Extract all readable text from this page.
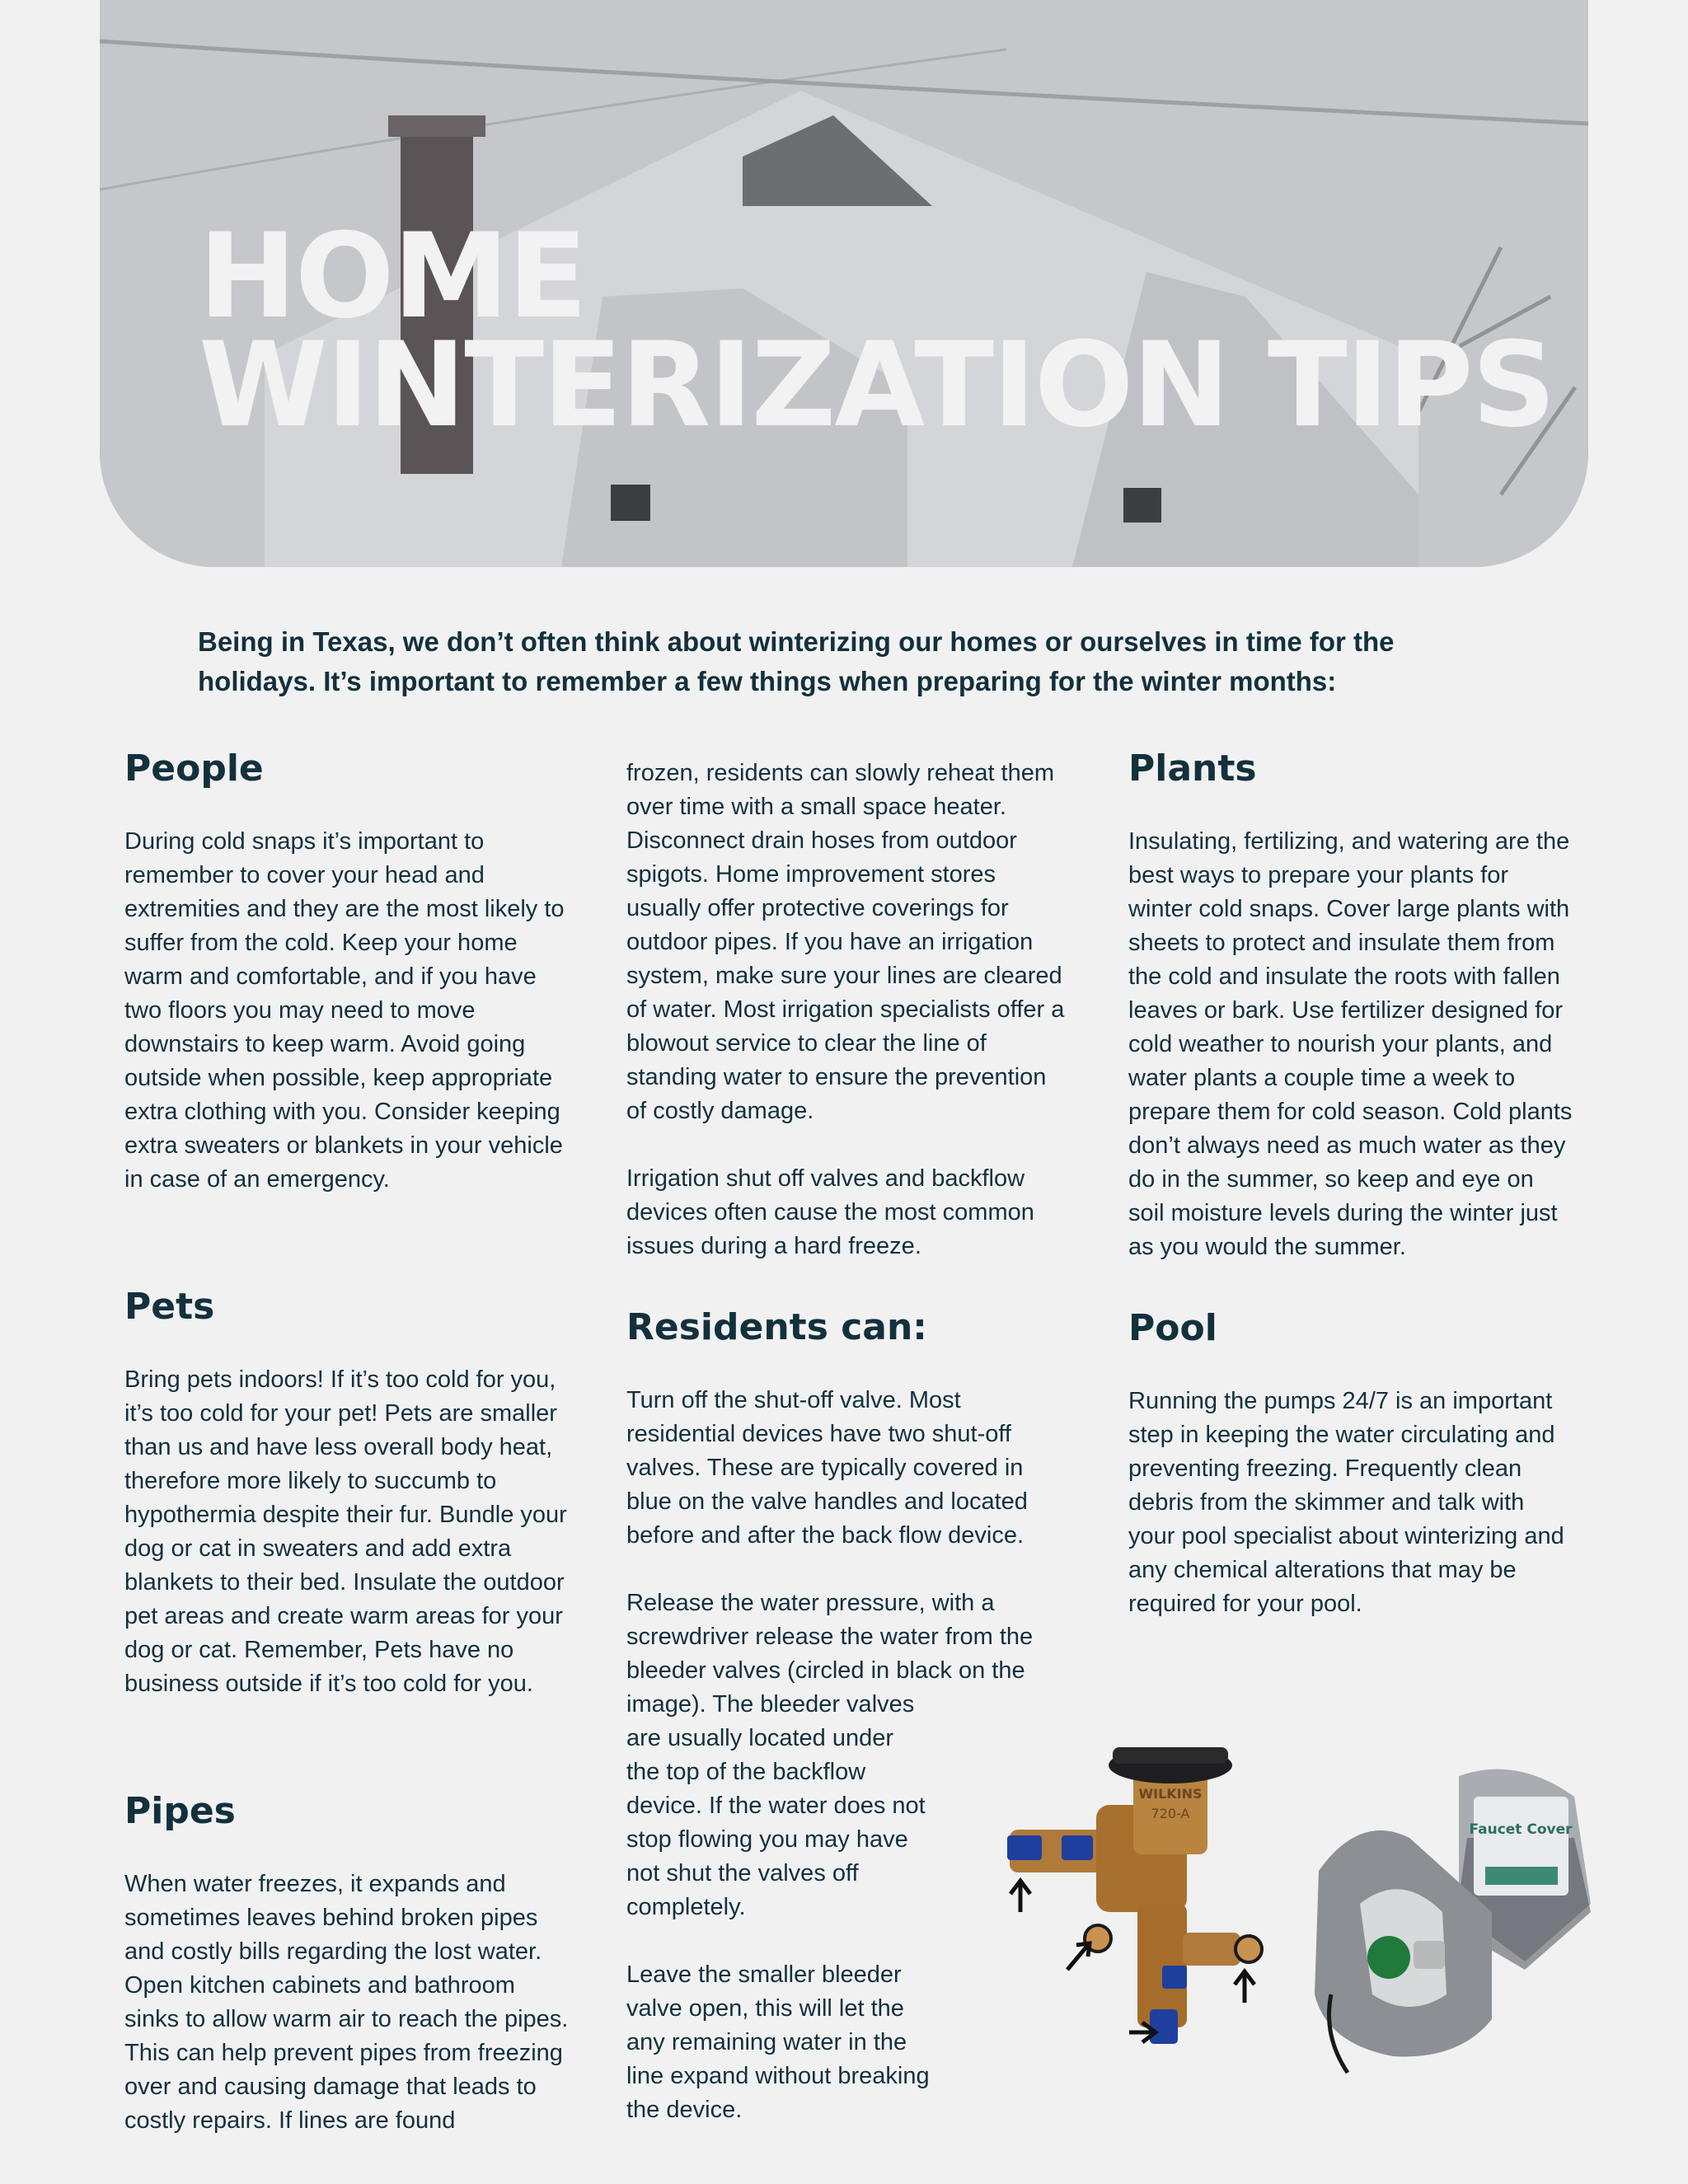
HOME
WINTERIZATION TIPS

Being in Texas, we don’t often think about winterizing our homes or ourselves in time for the holidays. It’s important to remember a few things when preparing for the winter months:

People

During cold snaps it’s important to remember to cover your head and extremities and they are the most likely to suffer from the cold. Keep your home warm and comfortable, and if you have two floors you may need to move downstairs to keep warm. Avoid going outside when possible, keep appropriate extra clothing with you. Consider keeping extra sweaters or blankets in your vehicle in case of an emergency.

Pets

Bring pets indoors! If it’s too cold for you, it’s too cold for your pet! Pets are smaller than us and have less overall body heat, therefore more likely to succumb to hypothermia despite their fur. Bundle your dog or cat in sweaters and add extra blankets to their bed. Insulate the outdoor pet areas and create warm areas for your dog or cat. Remember, Pets have no business outside if it’s too cold for you.

Pipes

When water freezes, it expands and sometimes leaves behind broken pipes and costly bills regarding the lost water. Open kitchen cabinets and bathroom sinks to allow warm air to reach the pipes. This can help prevent pipes from freezing over and causing damage that leads to costly repairs. If lines are found

frozen, residents can slowly reheat them over time with a small space heater. Disconnect drain hoses from outdoor spigots. Home improvement stores usually offer protective coverings for outdoor pipes. If you have an irrigation system, make sure your lines are cleared of water. Most irrigation specialists offer a blowout service to clear the line of standing water to ensure the prevention of costly damage.

Irrigation shut off valves and backflow devices often cause the most common issues during a hard freeze.

Residents can:

Turn off the shut-off valve. Most residential devices have two shut-off valves. These are typically covered in blue on the valve handles and located before and after the back flow device.

Release the water pressure, with a screwdriver release the water from the bleeder valves (circled in black on the

image). The bleeder valves are usually located under the top of the backflow device. If the water does not stop flowing you may have not shut the valves off completely.

Leave the smaller bleeder valve open, this will let the any remaining water in the line expand without breaking the device.

Plants

Insulating, fertilizing, and watering are the best ways to prepare your plants for winter cold snaps. Cover large plants with sheets to protect and insulate them from the cold and insulate the roots with fallen leaves or bark. Use fertilizer designed for cold weather to nourish your plants, and water plants a couple time a week to prepare them for cold season. Cold plants don’t always need as much water as they do in the summer, so keep and eye on soil moisture levels during the winter just as you would the summer.

Pool

Running the pumps 24/7 is an important step in keeping the water circulating and preventing freezing. Frequently clean debris from the skimmer and talk with your pool specialist about winterizing and any chemical alterations that may be required for your pool.

WILKINS
720-A
Faucet Cover
